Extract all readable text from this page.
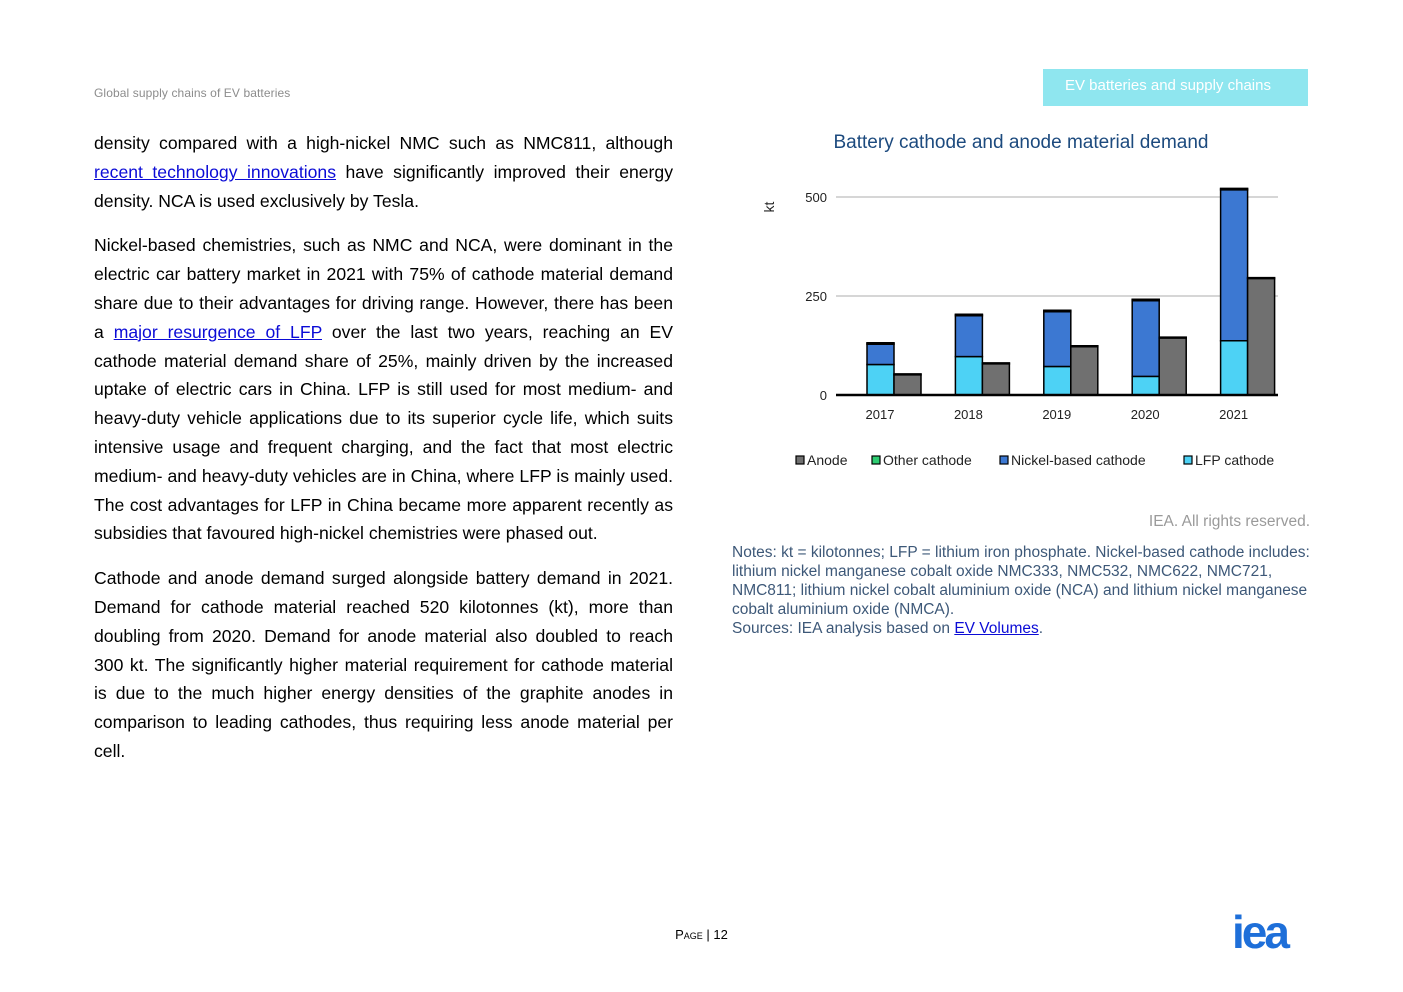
Global supply chains of EV batteries	EV batteries and supply chains

density compared with a high-nickel NMC such as NMC811, although recent technology innovations have significantly improved their energy density. NCA is used exclusively by Tesla.

Nickel-based chemistries, such as NMC and NCA, were dominant in the electric car battery market in 2021 with 75% of cathode material demand share due to their advantages for driving range. However, there has been a major resurgence of LFP over the last two years, reaching an EV cathode material demand share of 25%, mainly driven by the increased uptake of electric cars in China. LFP is still used for most medium- and heavy-duty vehicle applications due to its superior cycle life, which suits intensive usage and frequent charging, and the fact that most electric medium- and heavy-duty vehicles are in China, where LFP is mainly used. The cost advantages for LFP in China became more apparent recently as subsidies that favoured high-nickel chemistries were phased out.

Cathode and anode demand surged alongside battery demand in 2021. Demand for cathode material reached 520 kilotonnes (kt), more than doubling from 2020. Demand for anode material also doubled to reach 300 kt. The significantly higher material requirement for cathode material is due to the much higher energy densities of the graphite anodes in comparison to leading cathodes, thus requiring less anode material per cell.

Battery cathode and anode material demand
0
250
500
kt
2017	2018	2019	2020	2021
Anode	Other cathode	Nickel-based cathode	LFP cathode
IEA. All rights reserved.
Notes: kt = kilotonnes; LFP = lithium iron phosphate. Nickel-based cathode includes: lithium nickel manganese cobalt oxide NMC333, NMC532, NMC622, NMC721, NMC811; lithium nickel cobalt aluminium oxide (NCA) and lithium nickel manganese cobalt aluminium oxide (NMCA).
Sources: IEA analysis based on EV Volumes.
Page | 12	iea
